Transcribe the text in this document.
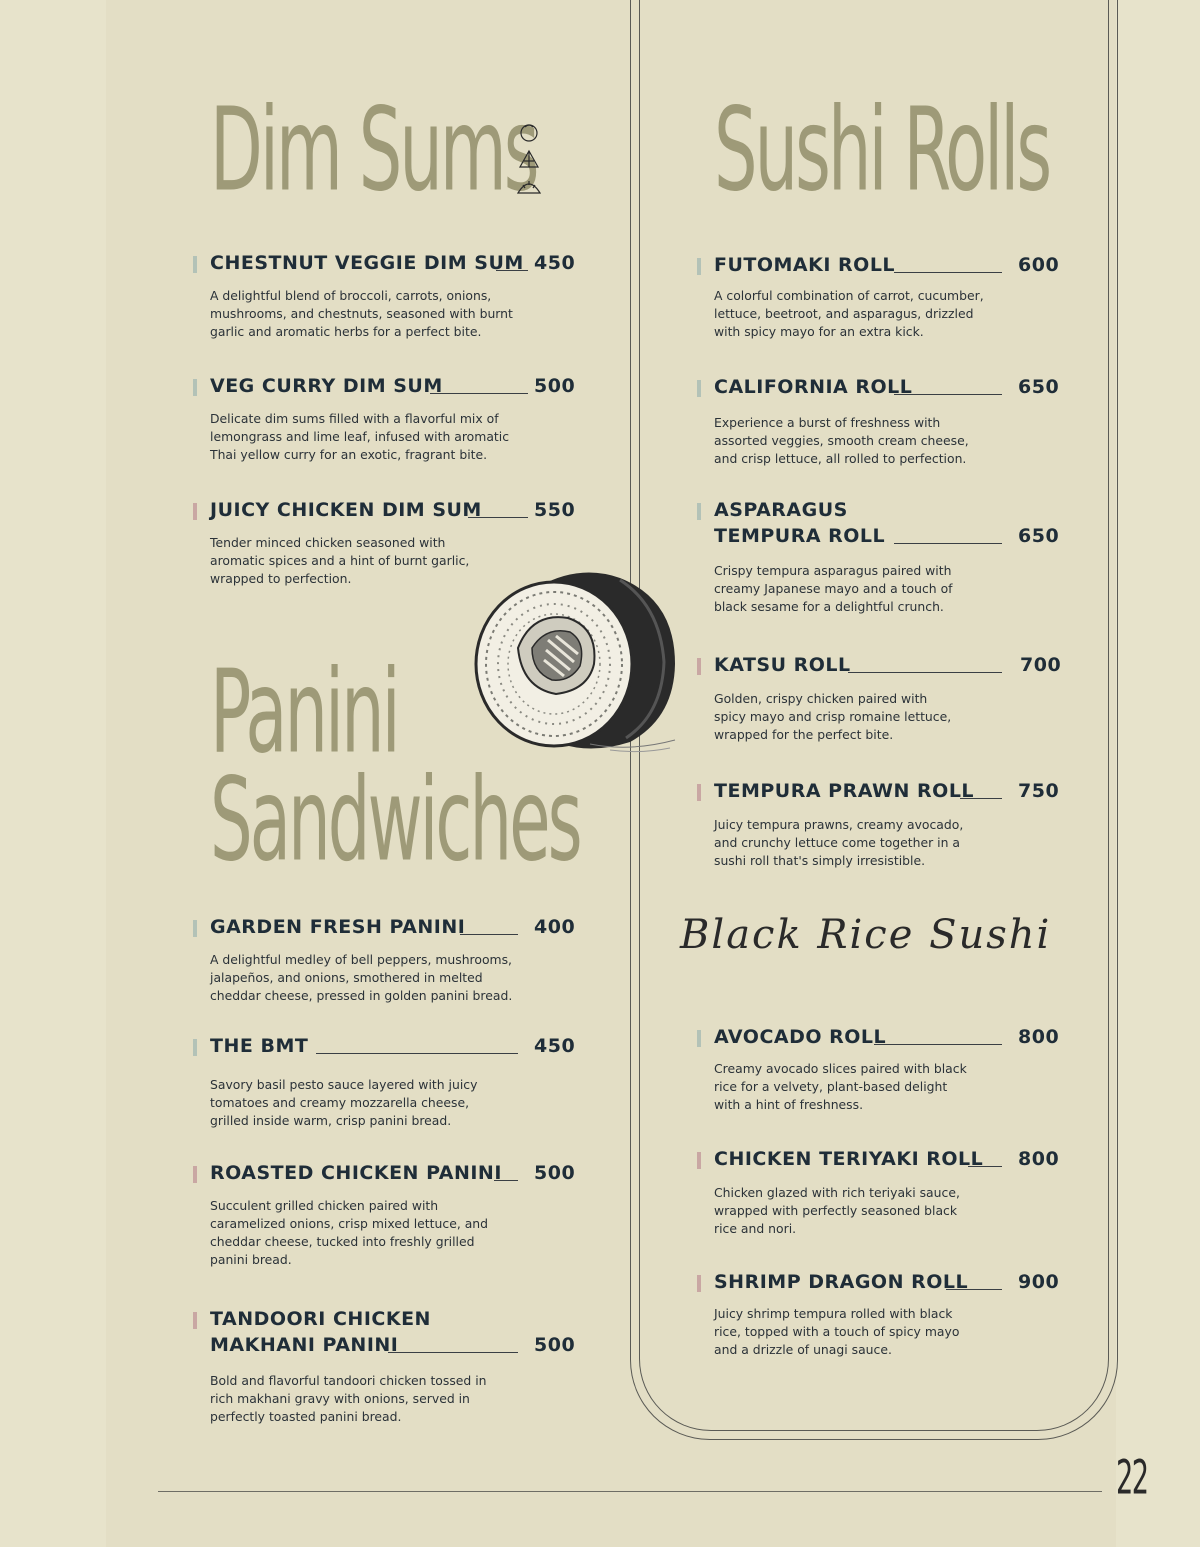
Dim Sums
CHESTNUT VEGGIE DIM SUM 450
A delightful blend of broccoli, carrots, onions,
mushrooms, and chestnuts, seasoned with burnt
garlic and aromatic herbs for a perfect bite.
VEG CURRY DIM SUM	500
Delicate dim sums filled with a flavorful mix of
lemongrass and lime leaf, infused with aromatic
Thai yellow curry for an exotic, fragrant bite.
JUICY CHICKEN DIM SUM	550
Tender minced chicken seasoned with
aromatic spices and a hint of burnt garlic,
wrapped to perfection.
Panini
Sandwiches
GARDEN FRESH PANINI	400
A delightful medley of bell peppers, mushrooms,
jalapeños, and onions, smothered in melted
cheddar cheese, pressed in golden panini bread.
THE BMT	450
Savory basil pesto sauce layered with juicy
tomatoes and creamy mozzarella cheese,
grilled inside warm, crisp panini bread.
ROASTED CHICKEN PANINI 500
Succulent grilled chicken paired with
caramelized onions, crisp mixed lettuce, and
cheddar cheese, tucked into freshly grilled
panini bread.
TANDOORI CHICKEN
MAKHANI PANINI	500
Bold and flavorful tandoori chicken tossed in
rich makhani gravy with onions, served in
perfectly toasted panini bread.
Sushi Rolls
FUTOMAKI ROLL	600
A colorful combination of carrot, cucumber,
lettuce, beetroot, and asparagus, drizzled
with spicy mayo for an extra kick.
CALIFORNIA ROLL	650
Experience a burst of freshness with
assorted veggies, smooth cream cheese,
and crisp lettuce, all rolled to perfection.
ASPARAGUS
TEMPURA ROLL	650
Crispy tempura asparagus paired with
creamy Japanese mayo and a touch of
black sesame for a delightful crunch.
KATSU ROLL	700
Golden, crispy chicken paired with
spicy mayo and crisp romaine lettuce,
wrapped for the perfect bite.
TEMPURA PRAWN ROLL 750
Juicy tempura prawns, creamy avocado,
and crunchy lettuce come together in a
sushi roll that's simply irresistible.
Black Rice Sushi
AVOCADO ROLL	800
Creamy avocado slices paired with black
rice for a velvety, plant-based delight
with a hint of freshness.
CHICKEN TERIYAKI ROLL 800
Chicken glazed with rich teriyaki sauce,
wrapped with perfectly seasoned black
rice and nori.
SHRIMP DRAGON ROLL	900
Juicy shrimp tempura rolled with black
rice, topped with a touch of spicy mayo
and a drizzle of unagi sauce.
22
